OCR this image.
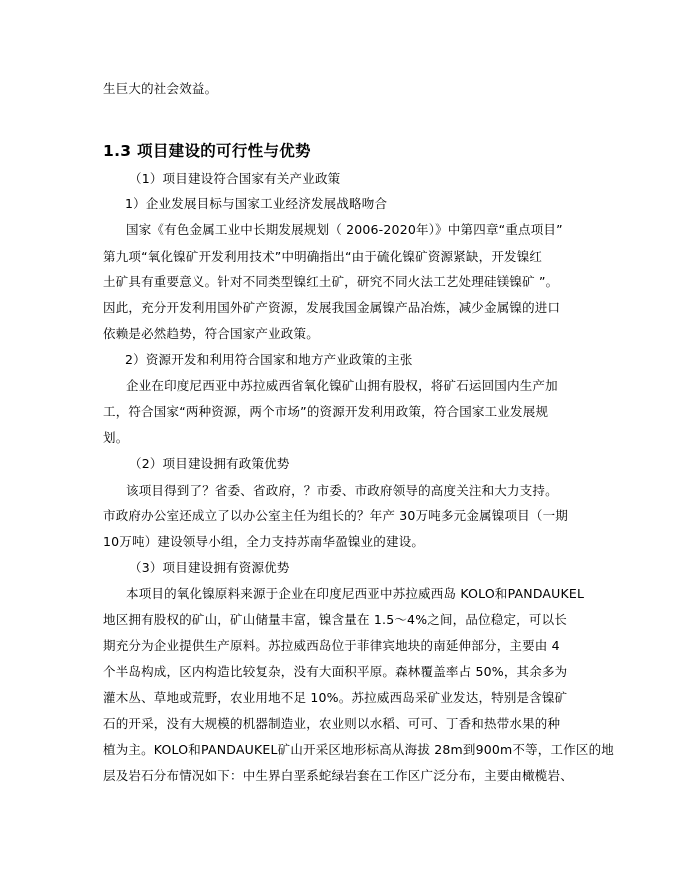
生巨大的社会效益。
1.3 项目建设的可行性与优势
（1）项目建设符合国家有关产业政策
1）企业发展目标与国家工业经济发展战略吻合
国家《有色金属工业中长期发展规划（ 2006-2020年）》中第四章“重点项目”
第九项“氧化镍矿开发利用技术”中明确指出“由于硫化镍矿资源紧缺，开发镍红
土矿具有重要意义。针对不同类型镍红土矿，研究不同火法工艺处理硅镁镍矿 ”。
因此，充分开发利用国外矿产资源，发展我国金属镍产品冶炼，减少金属镍的进口
依赖是必然趋势，符合国家产业政策。
2）资源开发和利用符合国家和地方产业政策的主张
企业在印度尼西亚中苏拉威西省氧化镍矿山拥有股权，将矿石运回国内生产加
工，符合国家“两种资源，两个市场”的资源开发利用政策，符合国家工业发展规
划。
（2）项目建设拥有政策优势
该项目得到了？省委、省政府，？市委、市政府领导的高度关注和大力支持。
市政府办公室还成立了以办公室主任为组长的？年产 30万吨多元金属镍项目（一期
10万吨）建设领导小组，全力支持苏南华盈镍业的建设。
（3）项目建设拥有资源优势
本项目的氧化镍原料来源于企业在印度尼西亚中苏拉威西岛 KOLO和PANDAUKEL
地区拥有股权的矿山，矿山储量丰富，镍含量在 1.5～4%之间，品位稳定，可以长
期充分为企业提供生产原料。苏拉威西岛位于菲律宾地块的南延伸部分，主要由 4
个半岛构成，区内构造比较复杂，没有大面积平原。森林覆盖率占 50%，其余多为
灌木丛、草地或荒野，农业用地不足 10%。苏拉威西岛采矿业发达，特别是含镍矿
石的开采，没有大规模的机器制造业，农业则以水稻、可可、丁香和热带水果的种
植为主。KOLO和PANDAUKEL矿山开采区地形标高从海拔 28m到900m不等，工作区的地
层及岩石分布情况如下：中生界白垩系蛇绿岩套在工作区广泛分布，主要由橄榄岩、
